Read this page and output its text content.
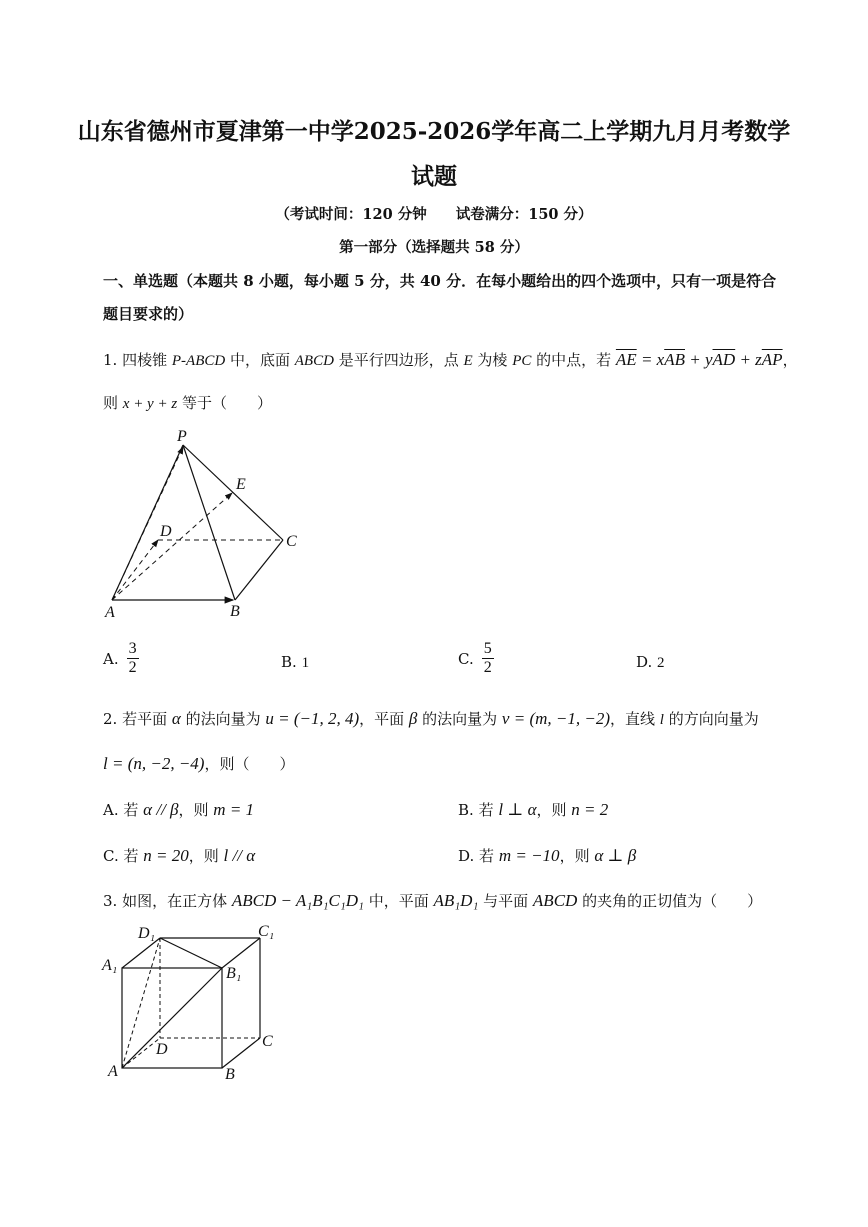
山东省德州市夏津第一中学2025-2026学年高二上学期九月月考数学
试题
（考试时间：120 分钟　　试卷满分：150 分）
第一部分（选择题共 58 分）
一、单选题（本题共 8 小题，每小题 5 分，共 40 分．在每小题给出的四个选项中，只有一项是符合
题目要求的）
1. 四棱锥 P-ABCD 中，底面 ABCD 是平行四边形，点 E 为棱 PC 的中点，若 $\overline{AE} = x\overline{AB} + y\overline{AD} + z\overline{AP}$，
则 x + y + z 等于（　　）
P
E
D
C
A	B
A. $\frac{3}{2}$	B. 1	C. $\frac{5}{2}$	D. 2
2. 若平面 α 的法向量为 u = (−1, 2, 4)，平面 β 的法向量为 v = (m, −1, −2)，直线 l 的方向向量为
l = (n, −2, −4)，则（　　）
A. 若 α // β，则 m = 1	B. 若 l ⊥ α，则 n = 2
C. 若 n = 20，则 l // α	D. 若 m = −10，则 α ⊥ β
3. 如图，在正方体 ABCD − A₁B₁C₁D₁ 中，平面 AB₁D₁ 与平面 ABCD 的夹角的正切值为（　　）
D₁	C₁
A₁	B₁
D	C
A	B
